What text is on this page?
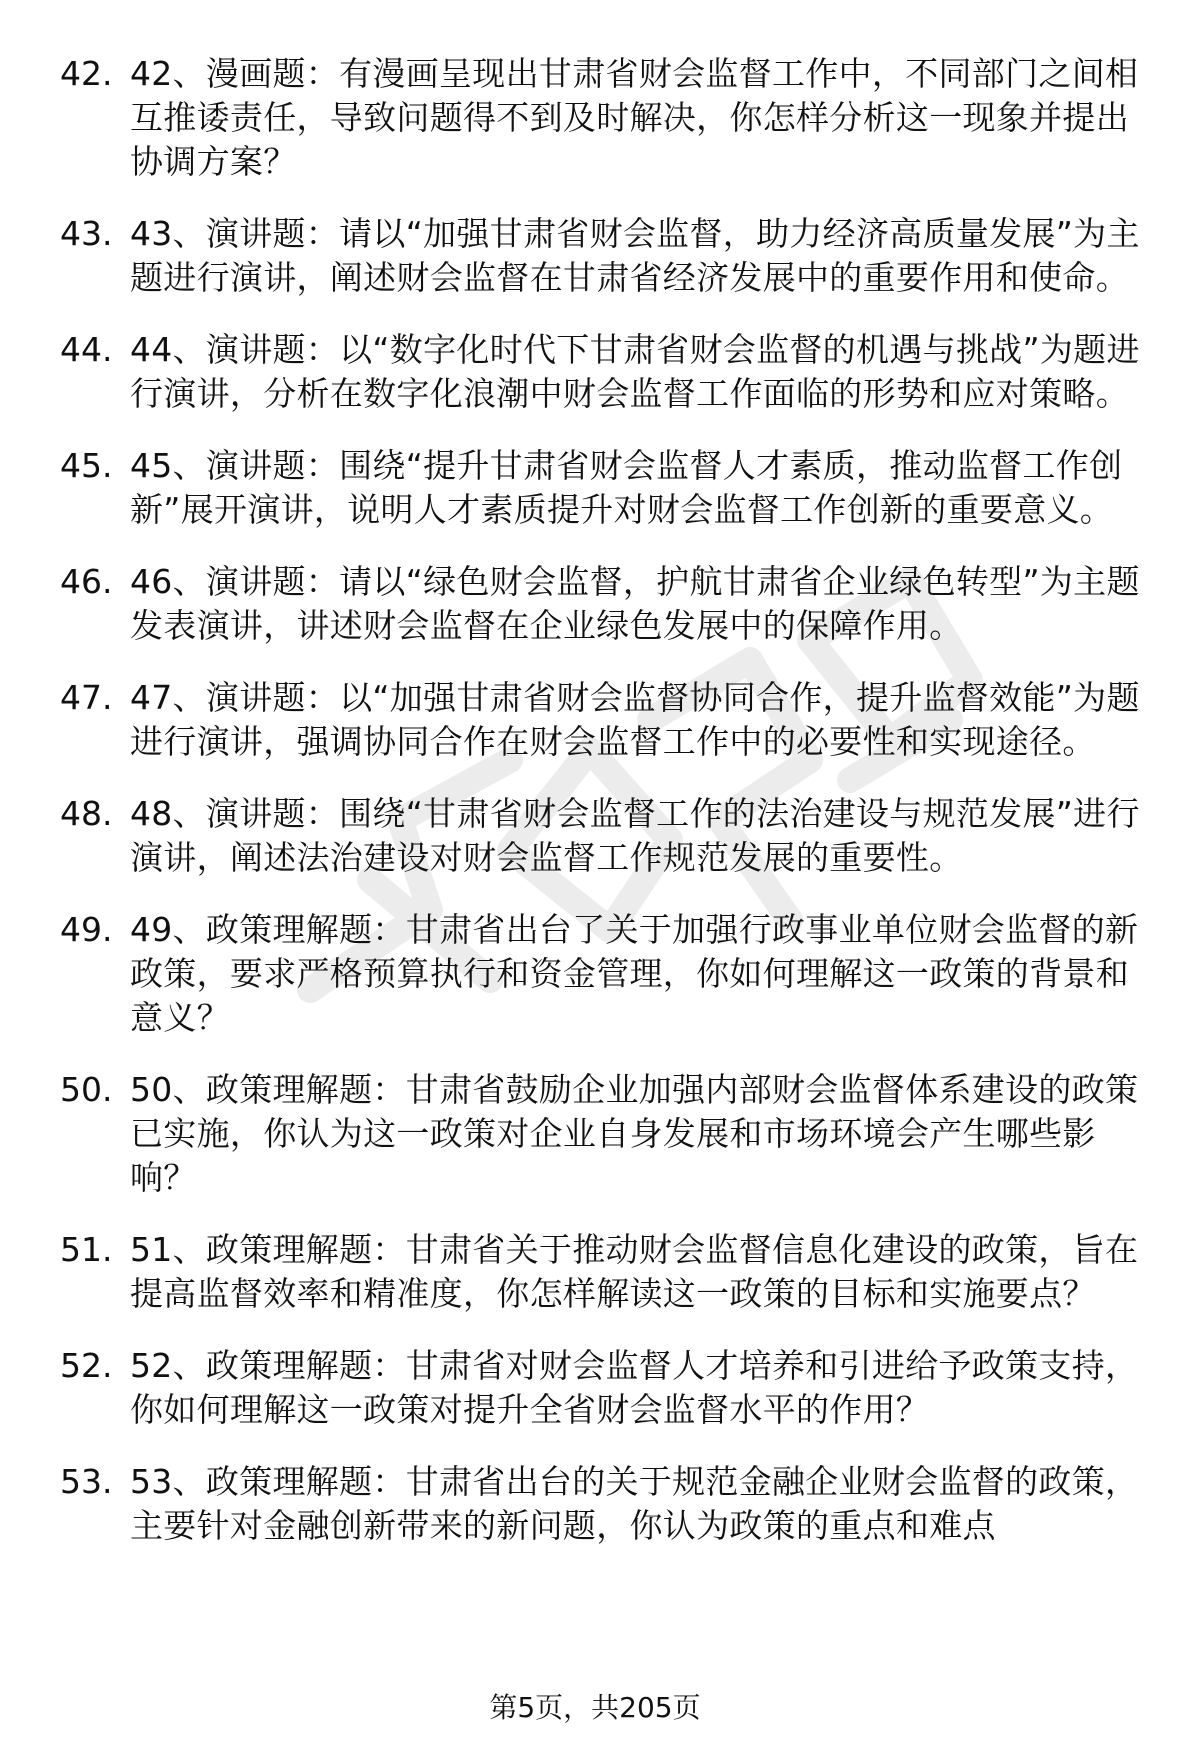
42. 42、漫画题：有漫画呈现出甘肃省财会监督工作中，不同部门之间相互推诿责任，导致问题得不到及时解决，你怎样分析这一现象并提出协调方案？
43. 43、演讲题：请以“加强甘肃省财会监督，助力经济高质量发展”为主题进行演讲，阐述财会监督在甘肃省经济发展中的重要作用和使命。
44. 44、演讲题：以“数字化时代下甘肃省财会监督的机遇与挑战”为题进行演讲，分析在数字化浪潮中财会监督工作面临的形势和应对策略。
45. 45、演讲题：围绕“提升甘肃省财会监督人才素质，推动监督工作创新”展开演讲，说明人才素质提升对财会监督工作创新的重要意义。
46. 46、演讲题：请以“绿色财会监督，护航甘肃省企业绿色转型”为主题发表演讲，讲述财会监督在企业绿色发展中的保障作用。
47. 47、演讲题：以“加强甘肃省财会监督协同合作，提升监督效能”为题进行演讲，强调协同合作在财会监督工作中的必要性和实现途径。
48. 48、演讲题：围绕“甘肃省财会监督工作的法治建设与规范发展”进行演讲，阐述法治建设对财会监督工作规范发展的重要性。
49. 49、政策理解题：甘肃省出台了关于加强行政事业单位财会监督的新政策，要求严格预算执行和资金管理，你如何理解这一政策的背景和意义？
50. 50、政策理解题：甘肃省鼓励企业加强内部财会监督体系建设的政策已实施，你认为这一政策对企业自身发展和市场环境会产生哪些影响？
51. 51、政策理解题：甘肃省关于推动财会监督信息化建设的政策，旨在提高监督效率和精准度，你怎样解读这一政策的目标和实施要点？
52. 52、政策理解题：甘肃省对财会监督人才培养和引进给予政策支持，你如何理解这一政策对提升全省财会监督水平的作用？
53. 53、政策理解题：甘肃省出台的关于规范金融企业财会监督的政策，主要针对金融创新带来的新问题，你认为政策的重点和难点
第5页，共205页
